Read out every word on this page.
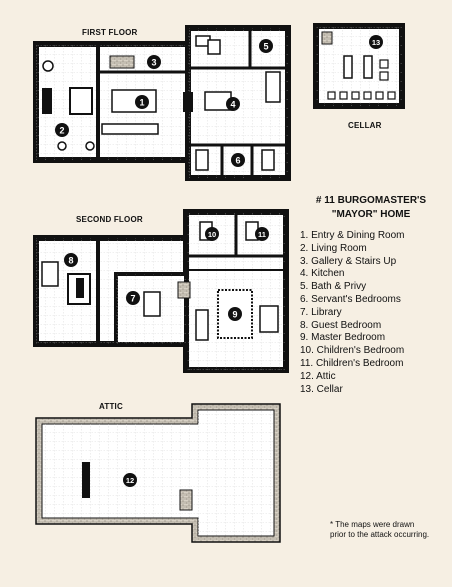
1
2
3
4
5
6
7
8
9
10	11
12
13
FIRST FLOOR
CELLAR
SECOND FLOOR
ATTIC
# 11 BURGOMASTER'S
"MAYOR" HOME
1. Entry & Dining Room
2. Living Room
3. Gallery & Stairs Up
4. Kitchen
5. Bath & Privy
6. Servant's Bedrooms
7. Library
8. Guest Bedroom
9. Master Bedroom
10. Children's Bedroom
11. Children's Bedroom
12. Attic
13. Cellar
* The maps were drawn prior to the attack occurring.
